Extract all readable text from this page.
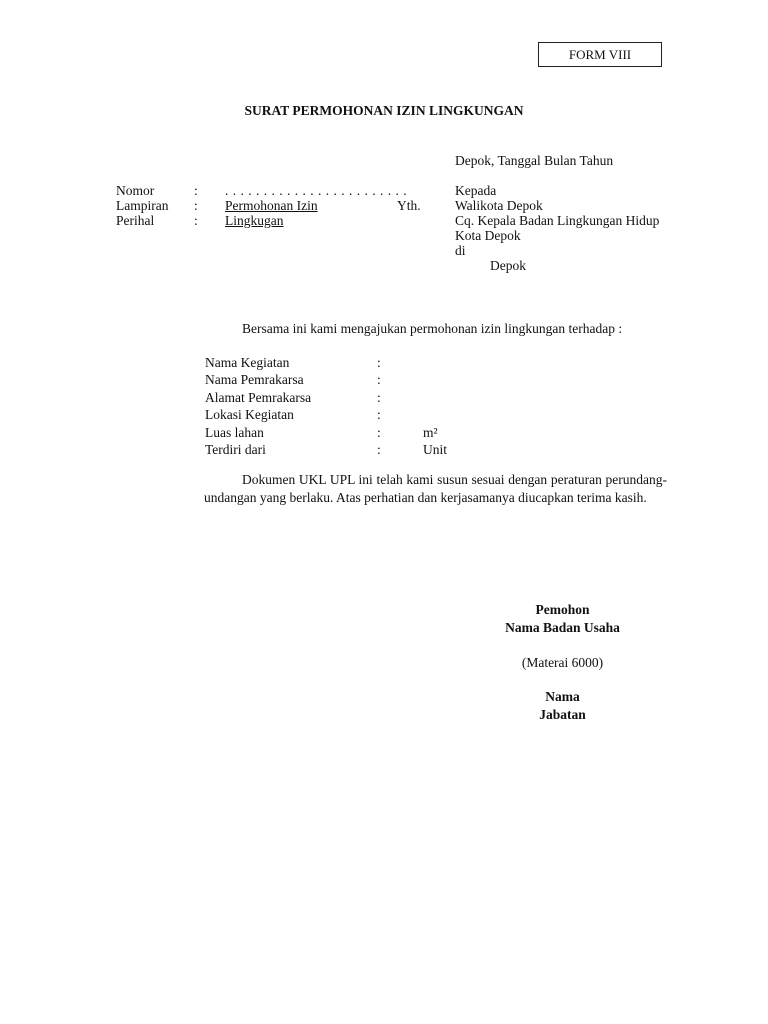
FORM VIII
SURAT PERMOHONAN IZIN LINGKUNGAN
Depok, Tanggal Bulan Tahun
Nomor	: . . . . . . . . . . . . . . . . . . . . . . . .
Lampiran : Permohonan Izin
Perihal	: Lingkugan
Yth.
Kepada
Walikota Depok
Cq. Kepala Badan Lingkungan Hidup
Kota Depok
di
Depok
Bersama ini kami mengajukan permohonan izin lingkungan terhadap :
Nama Kegiatan	:
Nama Pemrakarsa	:
Alamat Pemrakarsa	:
Lokasi Kegiatan	:
Luas lahan	:	m²
Terdiri dari	:	Unit
Dokumen UKL UPL ini telah kami susun sesuai dengan peraturan perundang-undangan yang berlaku. Atas perhatian dan kerjasamanya diucapkan terima kasih.
Pemohon
Nama Badan Usaha
(Materai 6000)
Nama
Jabatan
